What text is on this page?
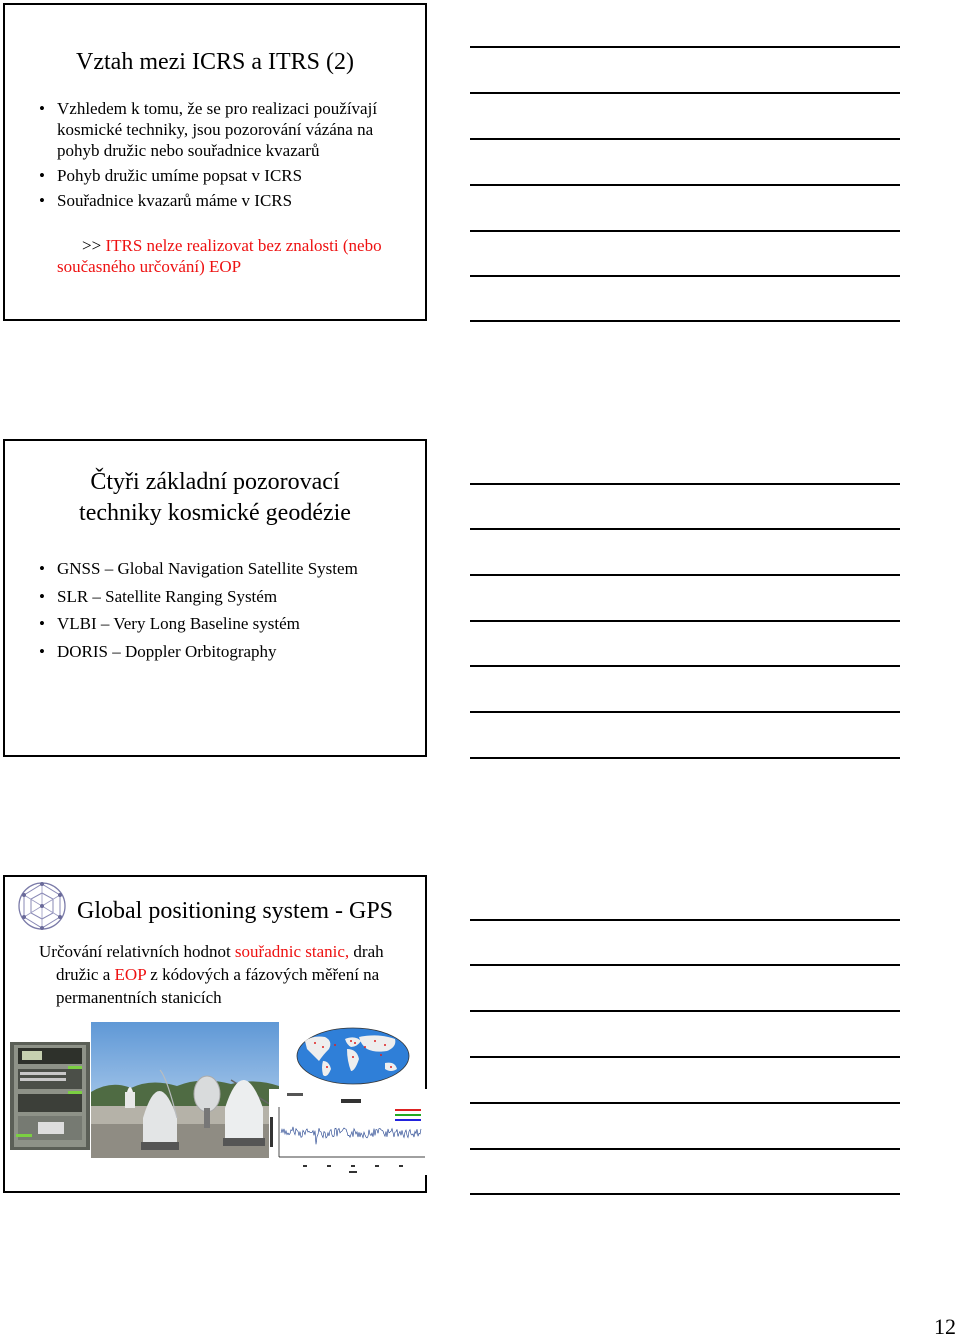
Vztah mezi ICRS a ITRS (2)
• Vzhledem k tomu, že se pro realizaci používají kosmické techniky, jsou pozorování vázána na pohyb družic nebo souřadnice kvazarů
• Pohyb družic umíme popsat v ICRS
• Souřadnice kvazarů máme v ICRS
>> ITRS nelze realizovat bez znalosti (nebo současného určování) EOP
Čtyři základní pozorovací
techniky kosmické geodézie
• GNSS – Global Navigation Satellite System
• SLR – Satellite Ranging Systém
• VLBI – Very Long Baseline systém
• DORIS – Doppler Orbitography
Global positioning system - GPS

Určování relativních hodnot souřadnic stanic, drah družic a EOP z kódových a fázových měření na permanentních stanicích

12
